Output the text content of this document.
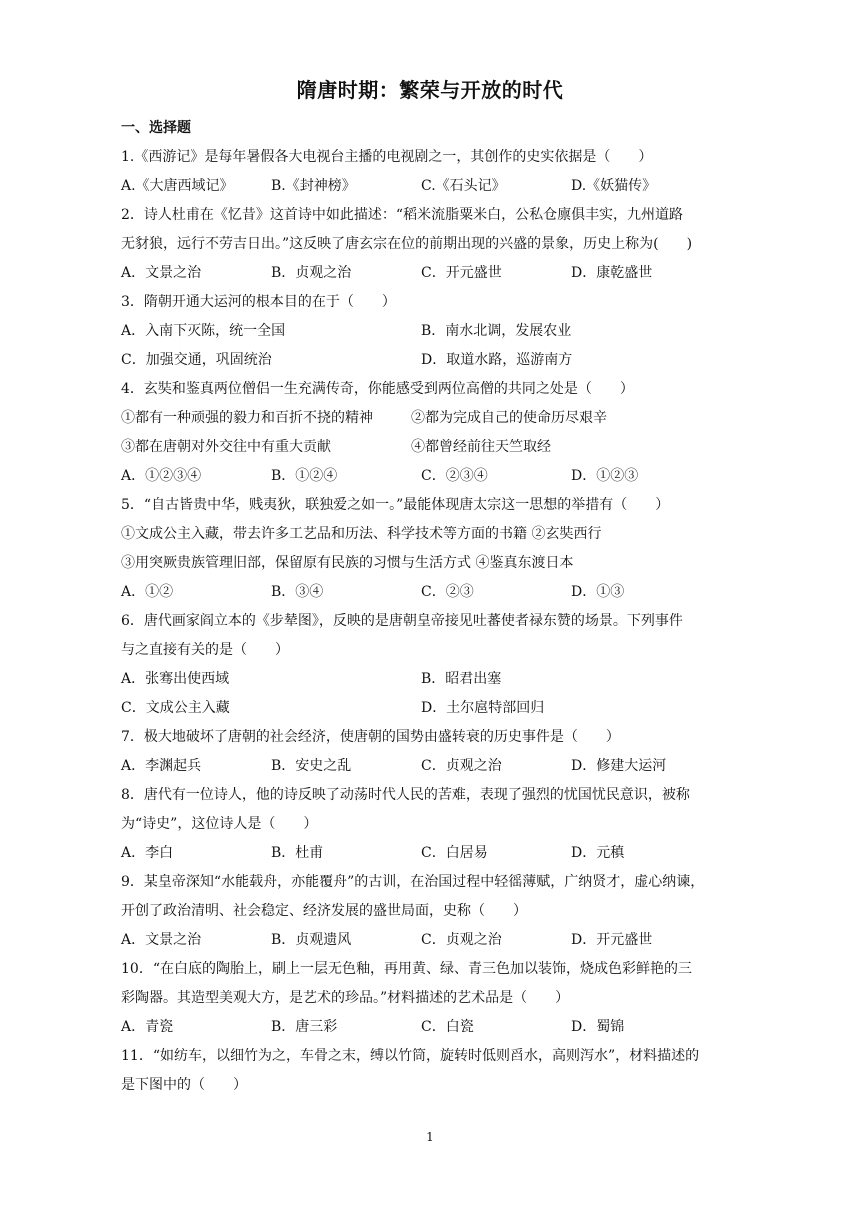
隋唐时期：繁荣与开放的时代
一、选择题
1.《西游记》是每年暑假各大电视台主播的电视剧之一，其创作的史实依据是（　　）
A.《大唐西域记》	B.《封神榜》	C.《石头记》	D.《妖猫传》
2．诗人杜甫在《忆昔》这首诗中如此描述：“稻米流脂粟米白，公私仓廪俱丰实，九州道路
无豺狼，远行不劳吉日出。”这反映了唐玄宗在位的前期出现的兴盛的景象，历史上称为(　　)
A．文景之治	B．贞观之治	C．开元盛世	D．康乾盛世
3．隋朝开通大运河的根本目的在于（　　）
A．入南下灭陈，统一全国	B．南水北调，发展农业
C．加强交通，巩固统治	D．取道水路，巡游南方
4．玄奘和鉴真两位僧侣一生充满传奇，你能感受到两位高僧的共同之处是（　　）
①都有一种顽强的毅力和百折不挠的精神	②都为完成自己的使命历尽艰辛
③都在唐朝对外交往中有重大贡献	④都曾经前往天竺取经
A．①②③④	B．①②④	C．②③④	D．①②③
5．“自古皆贵中华，贱夷狄，联独爱之如一。”最能体现唐太宗这一思想的举措有（　　）
①文成公主入藏，带去许多工艺品和历法、科学技术等方面的书籍 ②玄奘西行
③用突厥贵族管理旧部，保留原有民族的习惯与生活方式 ④鉴真东渡日本
A．①②	B．③④	C．②③	D．①③
6．唐代画家阎立本的《步辇图》，反映的是唐朝皇帝接见吐蕃使者禄东赞的场景。下列事件
与之直接有关的是（　　）
A．张骞出使西域	B．昭君出塞
C．文成公主入藏	D．土尔扈特部回归
7．极大地破坏了唐朝的社会经济，使唐朝的国势由盛转衰的历史事件是（　　）
A．李渊起兵	B．安史之乱	C．贞观之治	D．修建大运河
8．唐代有一位诗人，他的诗反映了动荡时代人民的苦难，表现了强烈的忧国忧民意识，被称
为“诗史”，这位诗人是（　　）
A．李白	B．杜甫	C．白居易	D．元稹
9．某皇帝深知“水能载舟，亦能覆舟”的古训，在治国过程中轻徭薄赋，广纳贤才，虚心纳谏，
开创了政治清明、社会稳定、经济发展的盛世局面，史称（　　）
A．文景之治	B．贞观遗风	C．贞观之治	D．开元盛世
10．“在白底的陶胎上，刷上一层无色釉，再用黄、绿、青三色加以装饰，烧成色彩鲜艳的三
彩陶器。其造型美观大方，是艺术的珍品。”材料描述的艺术品是（　　）
A．青瓷	B．唐三彩	C．白瓷	D．蜀锦
11．“如纺车，以细竹为之，车骨之末，缚以竹筒，旋转时低则舀水，高则泻水”，材料描述的
是下图中的（　　）
1
